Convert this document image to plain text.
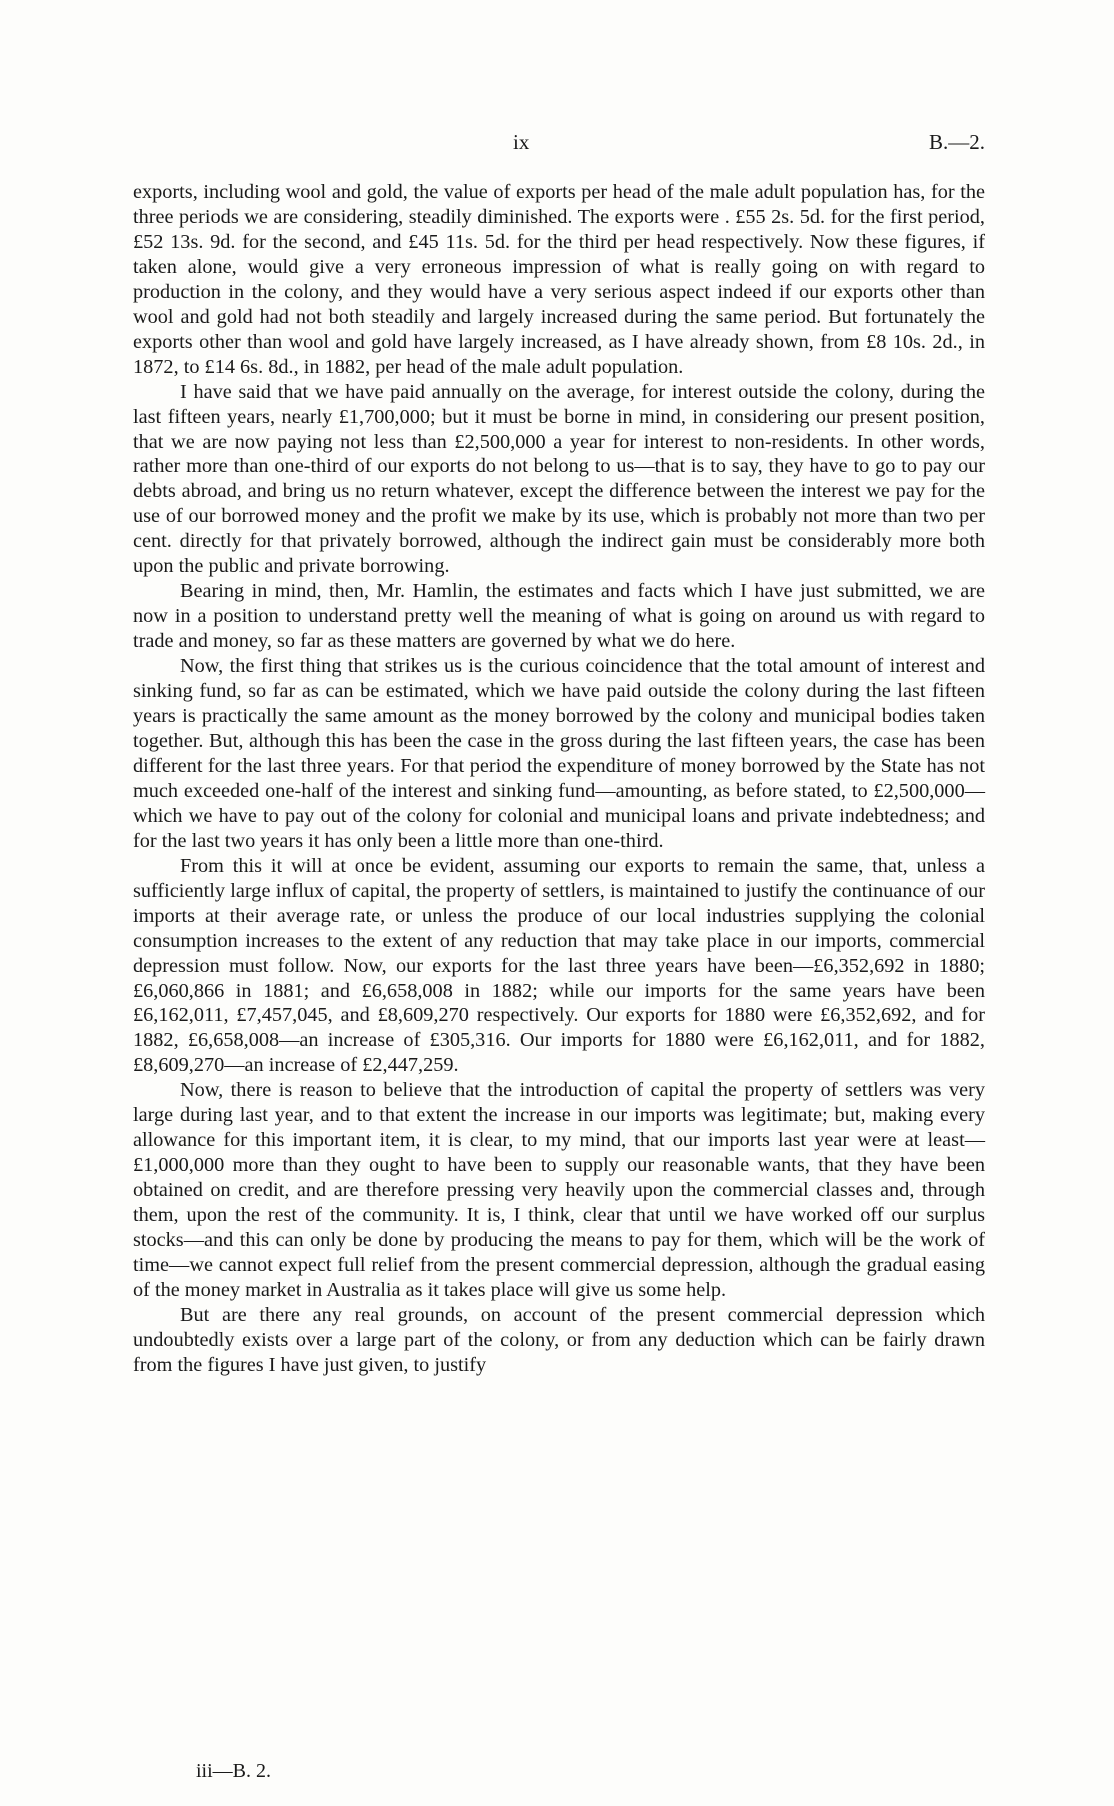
ix	B.—2.

exports, including wool and gold, the value of exports per head of the male adult population has, for the three periods we are considering, steadily diminished. The exports were . £55 2s. 5d. for the first period, £52 13s. 9d. for the second, and £45 11s. 5d. for the third per head respectively. Now these figures, if taken alone, would give a very erroneous impression of what is really going on with regard to production in the colony, and they would have a very serious aspect indeed if our exports other than wool and gold had not both steadily and largely increased during the same period. But fortunately the exports other than wool and gold have largely increased, as I have already shown, from £8 10s. 2d., in 1872, to £14 6s. 8d., in 1882, per head of the male adult population.

I have said that we have paid annually on the average, for interest outside the colony, during the last fifteen years, nearly £1,700,000; but it must be borne in mind, in considering our present position, that we are now paying not less than £2,500,000 a year for interest to non-residents. In other words, rather more than one-third of our exports do not belong to us—that is to say, they have to go to pay our debts abroad, and bring us no return whatever, except the difference between the interest we pay for the use of our borrowed money and the profit we make by its use, which is probably not more than two per cent. directly for that privately borrowed, although the indirect gain must be considerably more both upon the public and private borrowing.

Bearing in mind, then, Mr. Hamlin, the estimates and facts which I have just submitted, we are now in a position to understand pretty well the meaning of what is going on around us with regard to trade and money, so far as these matters are governed by what we do here.

Now, the first thing that strikes us is the curious coincidence that the total amount of interest and sinking fund, so far as can be estimated, which we have paid outside the colony during the last fifteen years is practically the same amount as the money borrowed by the colony and municipal bodies taken together. But, although this has been the case in the gross during the last fifteen years, the case has been different for the last three years. For that period the expenditure of money borrowed by the State has not much exceeded one-half of the interest and sinking fund—amounting, as before stated, to £2,500,000—which we have to pay out of the colony for colonial and municipal loans and private indebtedness; and for the last two years it has only been a little more than one-third.

From this it will at once be evident, assuming our exports to remain the same, that, unless a sufficiently large influx of capital, the property of settlers, is maintained to justify the continuance of our imports at their average rate, or unless the produce of our local industries supplying the colonial consumption increases to the extent of any reduction that may take place in our imports, commercial depression must follow. Now, our exports for the last three years have been—£6,352,692 in 1880; £6,060,866 in 1881; and £6,658,008 in 1882; while our imports for the same years have been £6,162,011, £7,457,045, and £8,609,270 respectively. Our exports for 1880 were £6,352,692, and for 1882, £6,658,008—an increase of £305,316. Our imports for 1880 were £6,162,011, and for 1882, £8,609,270—an increase of £2,447,259.

Now, there is reason to believe that the introduction of capital the property of settlers was very large during last year, and to that extent the increase in our imports was legitimate; but, making every allowance for this important item, it is clear, to my mind, that our imports last year were at least—£1,000,000 more than they ought to have been to supply our reasonable wants, that they have been obtained on credit, and are therefore pressing very heavily upon the commercial classes and, through them, upon the rest of the community. It is, I think, clear that until we have worked off our surplus stocks—and this can only be done by producing the means to pay for them, which will be the work of time—we cannot expect full relief from the present commercial depression, although the gradual easing of the money market in Australia as it takes place will give us some help.

But are there any real grounds, on account of the present commercial depression which undoubtedly exists over a large part of the colony, or from any deduction which can be fairly drawn from the figures I have just given, to justify

iii—B. 2.
